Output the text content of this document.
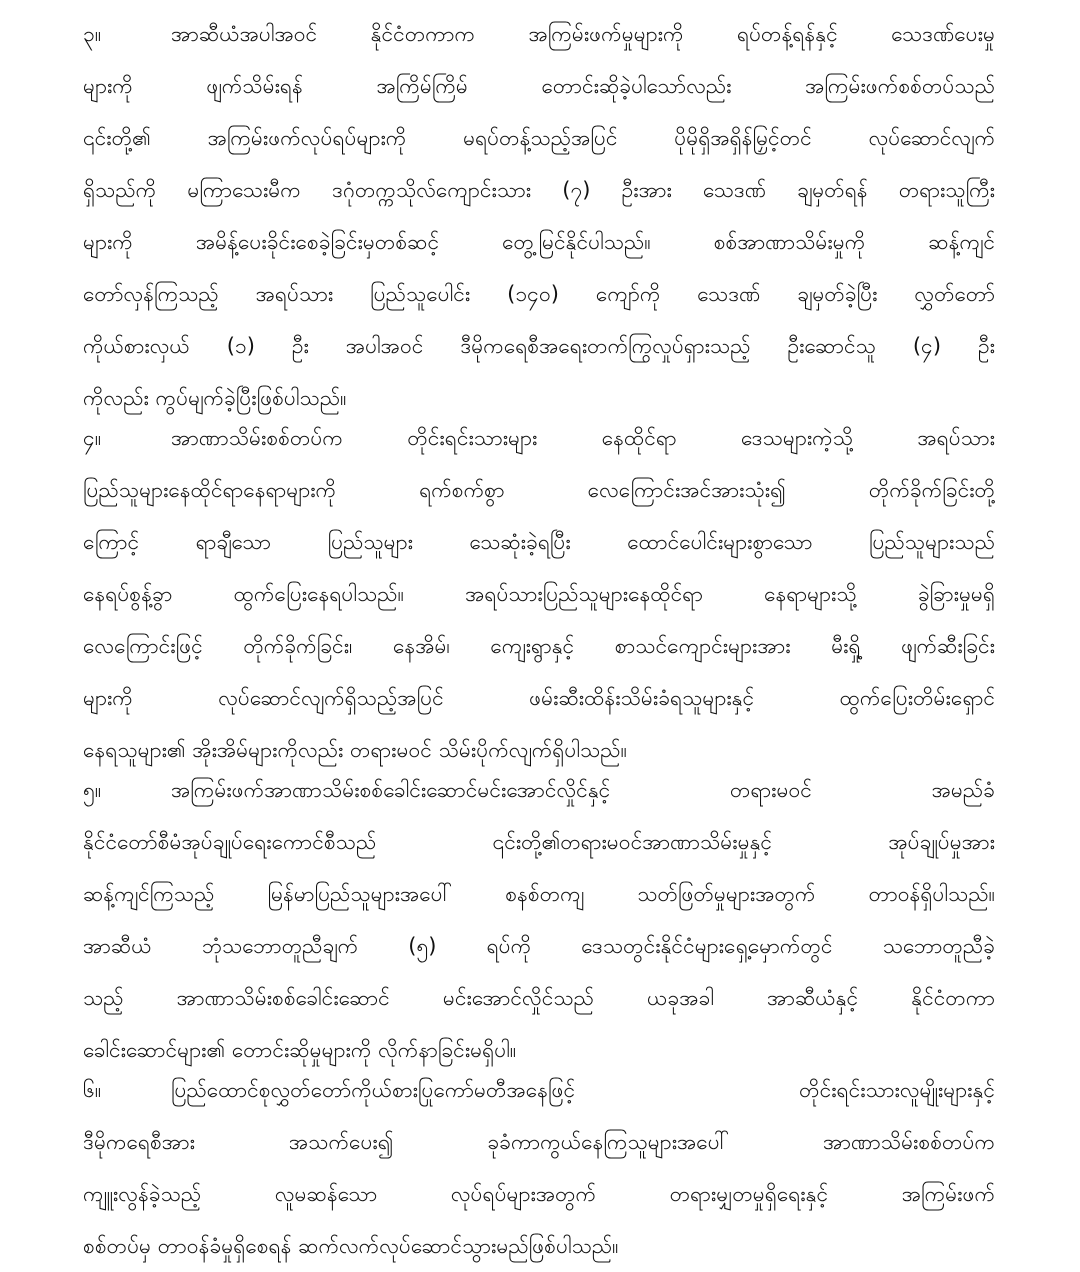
၃။	အာဆီယံအပါအဝင် နိုင်ငံတကာက အကြမ်းဖက်မှုများကို ရပ်တန့်ရန်နှင့် သေဒဏ်ပေးမှု
များကို ဖျက်သိမ်းရန် အကြိမ်ကြိမ် တောင်းဆိုခဲ့ပါသော်လည်း အကြမ်းဖက်စစ်တပ်သည်
၎င်းတို့၏ အကြမ်းဖက်လုပ်ရပ်များကို မရပ်တန့်သည့်အပြင် ပိုမိုရှိအရှိန်မြှင့်တင် လုပ်ဆောင်လျက်
ရှိသည်ကို မကြာသေးမီက ဒဂုံတက္ကသိုလ်ကျောင်းသား (၇) ဦးအား သေဒဏ် ချမှတ်ရန် တရားသူကြီး
များကို အမိန့်ပေးခိုင်းစေခဲ့ခြင်းမှတစ်ဆင့် တွေ့မြင်နိုင်ပါသည်။ စစ်အာဏာသိမ်းမှုကို ဆန့်ကျင်
တော်လှန်ကြသည့် အရပ်သား ပြည်သူပေါင်း (၁၄၀) ကျော်ကို သေဒဏ် ချမှတ်ခဲ့ပြီး လွှတ်တော်
ကိုယ်စားလှယ် (၁) ဦး အပါအဝင် ဒီမိုကရေစီအရေးတက်ကြွလှုပ်ရှားသည့် ဦးဆောင်သူ (၄) ဦး
ကိုလည်း ကွပ်မျက်ခဲ့ပြီးဖြစ်ပါသည်။
၄။	အာဏာသိမ်းစစ်တပ်က တိုင်းရင်းသားများ နေထိုင်ရာ ဒေသများကဲ့သို့ အရပ်သား
ပြည်သူများနေထိုင်ရာနေရာများကို ရက်စက်စွာ လေကြောင်းအင်အားသုံး၍ တိုက်ခိုက်ခြင်းတို့
ကြောင့် ရာချီသော ပြည်သူများ သေဆုံးခဲ့ရပြီး ထောင်ပေါင်းများစွာသော ပြည်သူများသည်
နေရပ်စွန့်ခွာ ထွက်ပြေးနေရပါသည်။ အရပ်သားပြည်သူများနေထိုင်ရာ နေရာများသို့ ခွဲခြားမှုမရှိ
လေကြောင်းဖြင့် တိုက်ခိုက်ခြင်း၊ နေအိမ်၊ ကျေးရွာနှင့် စာသင်ကျောင်းများအား မီးရှို့ ဖျက်ဆီးခြင်း
များကို လုပ်ဆောင်လျက်ရှိသည့်အပြင် ဖမ်းဆီးထိန်းသိမ်းခံရသူများနှင့် ထွက်ပြေးတိမ်းရှောင်
နေရသူများ၏ အိုးအိမ်များကိုလည်း တရားမဝင် သိမ်းပိုက်လျက်ရှိပါသည်။
၅။	အကြမ်းဖက်အာဏာသိမ်းစစ်ခေါင်းဆောင်မင်းအောင်လှိုင်နှင့် တရားမဝင် အမည်ခံ
နိုင်ငံတော်စီမံအုပ်ချုပ်ရေးကောင်စီသည် ၎င်းတို့၏တရားမဝင်အာဏာသိမ်းမှုနှင့် အုပ်ချုပ်မှုအား
ဆန့်ကျင်ကြသည့် မြန်မာပြည်သူများအပေါ် စနစ်တကျ သတ်ဖြတ်မှုများအတွက် တာဝန်ရှိပါသည်။
အာဆီယံ ဘုံသဘောတူညီချက် (၅) ရပ်ကို ဒေသတွင်းနိုင်ငံများရှေ့မှောက်တွင် သဘောတူညီခဲ့
သည့် အာဏာသိမ်းစစ်ခေါင်းဆောင် မင်းအောင်လှိုင်သည် ယခုအခါ အာဆီယံနှင့် နိုင်ငံတကာ
ခေါင်းဆောင်များ၏ တောင်းဆိုမှုများကို လိုက်နာခြင်းမရှိပါ။
၆။	ပြည်ထောင်စုလွှတ်တော်ကိုယ်စားပြုကော်မတီအနေဖြင့် တိုင်းရင်းသားလူမျိုးများနှင့်
ဒီမိုကရေစီအား အသက်ပေး၍ ခုခံကာကွယ်နေကြသူများအပေါ် အာဏာသိမ်းစစ်တပ်က
ကျူးလွန်ခဲ့သည့် လူမဆန်သော လုပ်ရပ်များအတွက် တရားမျှတမှုရှိရေးနှင့် အကြမ်းဖက်
စစ်တပ်မှ တာဝန်ခံမှုရှိစေရန် ဆက်လက်လုပ်ဆောင်သွားမည်ဖြစ်ပါသည်။
